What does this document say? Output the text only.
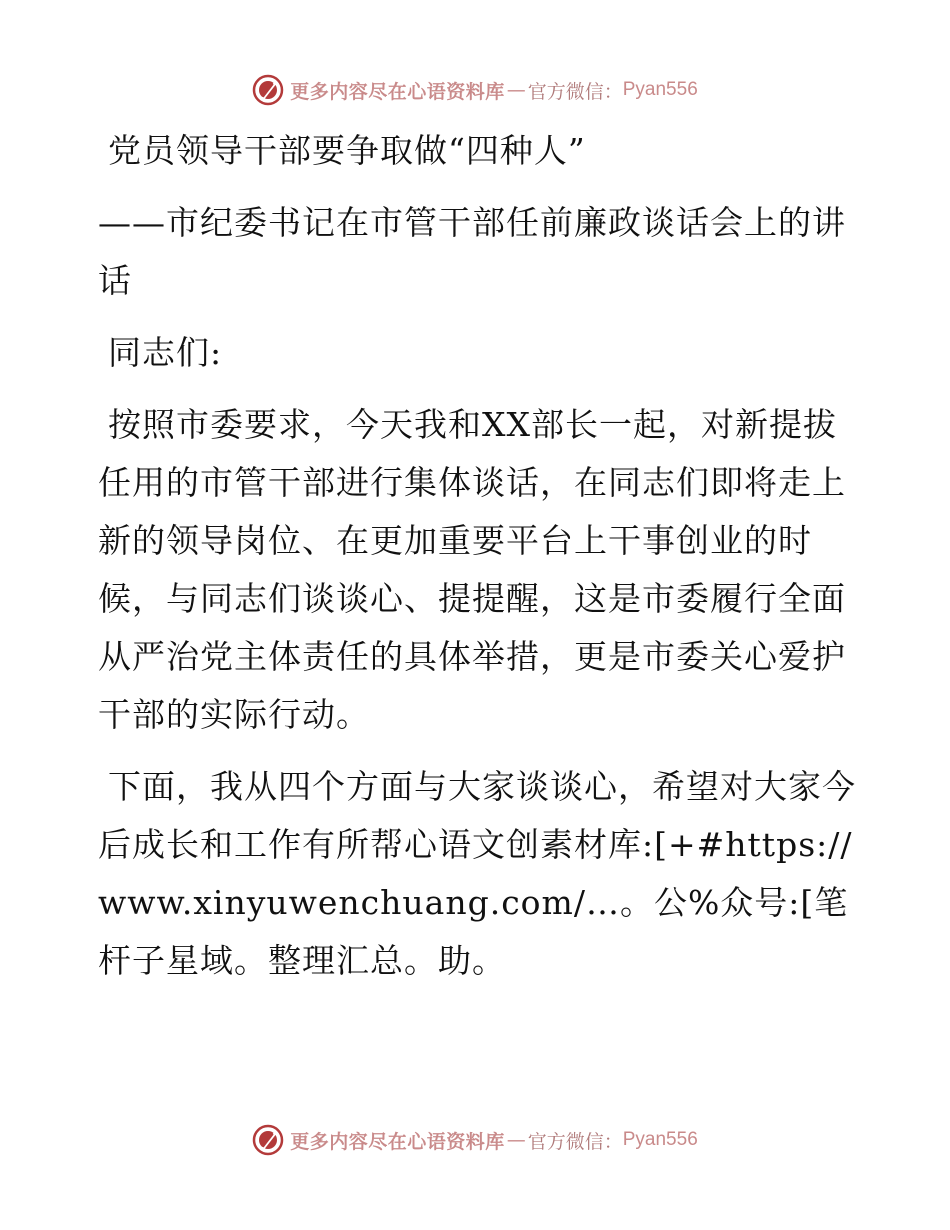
更多内容尽在心语资料库 — 官方微信： Pyan556

党员领导干部要争取做“四种人”

——市纪委书记在市管干部任前廉政谈话会上的讲话

同志们:

按照市委要求，今天我和XX部长一起，对新提拔任用的市管干部进行集体谈话，在同志们即将走上新的领导岗位、在更加重要平台上干事创业的时候，与同志们谈谈心、提提醒，这是市委履行全面从严治党主体责任的具体举措，更是市委关心爱护干部的实际行动。

下面，我从四个方面与大家谈谈心，希望对大家今后成长和工作有所帮心语文创素材库:[+#https://www.xinyuwenchuang.com/…。公%众号:[笔杆子星域。整理汇总。助。

更多内容尽在心语资料库 — 官方微信： Pyan556
